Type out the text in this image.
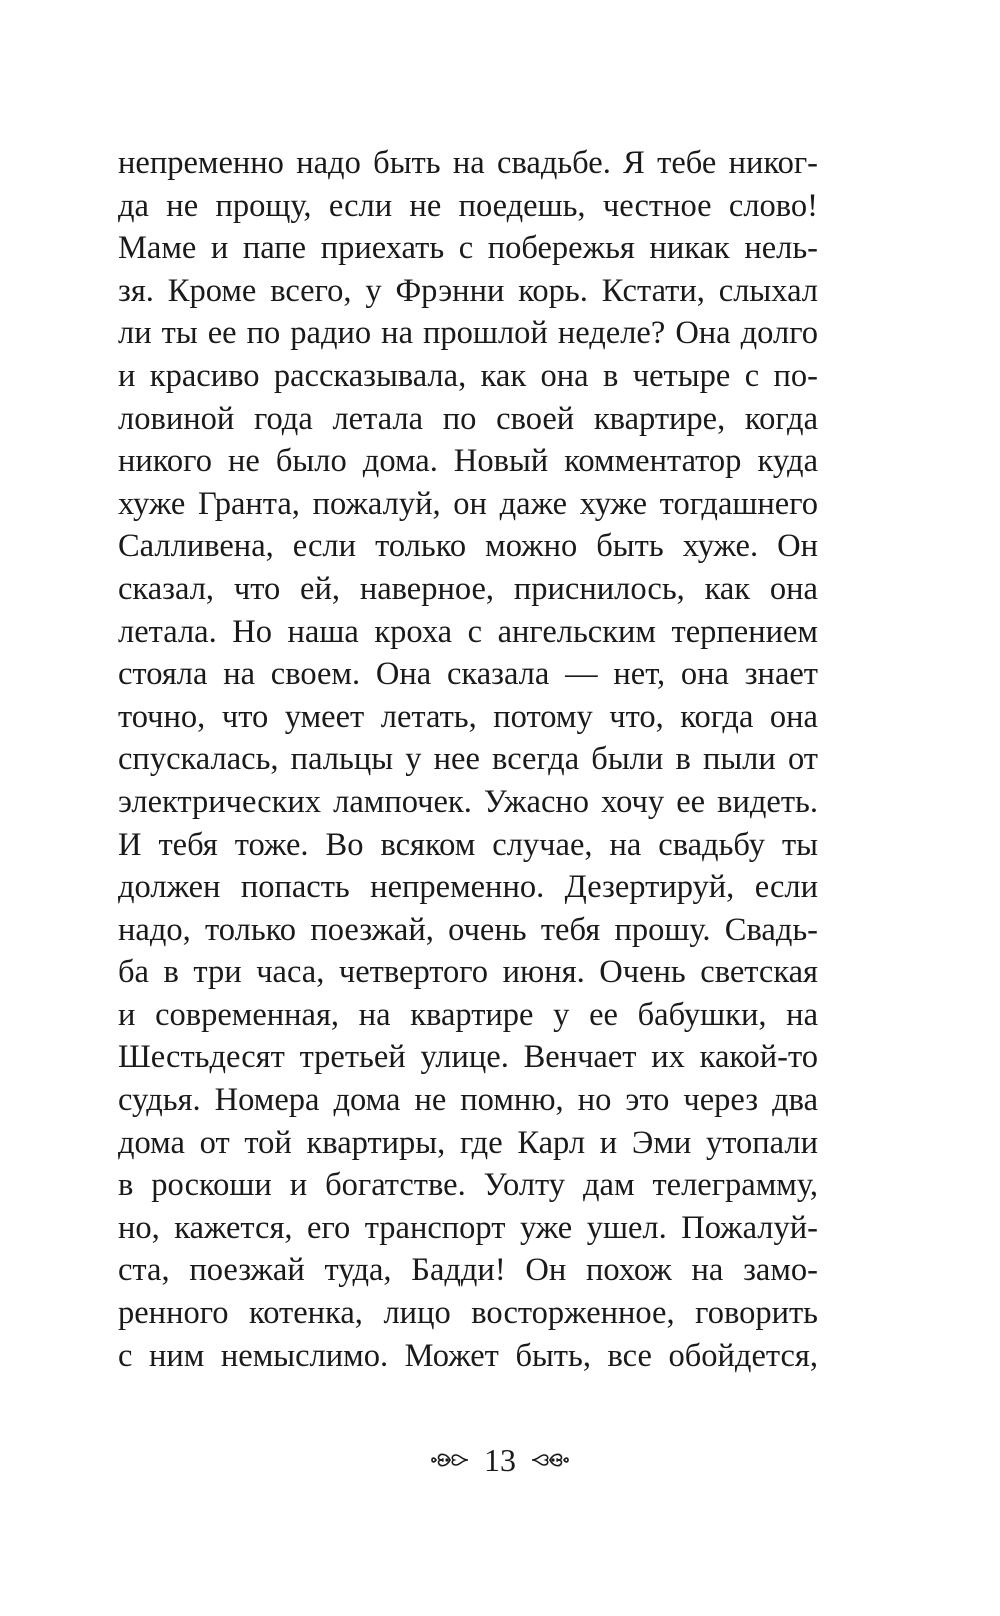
непременно надо быть на свадьбе. Я тебе никог-
да не прощу, если не поедешь, честное слово!
Маме и папе приехать с побережья никак нель-
зя. Кроме всего, у Фрэнни корь. Кстати, слыхал
ли ты ее по радио на прошлой неделе? Она долго
и красиво рассказывала, как она в четыре с по-
ловиной года летала по своей квартире, когда
никого не было дома. Новый комментатор куда
хуже Гранта, пожалуй, он даже хуже тогдашнего
Салливена, если только можно быть хуже. Он
сказал, что ей, наверное, приснилось, как она
летала. Но наша кроха с ангельским терпением
стояла на своем. Она сказала — нет, она знает
точно, что умеет летать, потому что, когда она
спускалась, пальцы у нее всегда были в пыли от
электрических лампочек. Ужасно хочу ее видеть.
И тебя тоже. Во всяком случае, на свадьбу ты
должен попасть непременно. Дезертируй, если
надо, только поезжай, очень тебя прошу. Свадь-
ба в три часа, четвертого июня. Очень светская
и современная, на квартире у ее бабушки, на
Шестьдесят третьей улице. Венчает их какой-то
судья. Номера дома не помню, но это через два
дома от той квартиры, где Карл и Эми утопали
в роскоши и богатстве. Уолту дам телеграмму,
но, кажется, его транспорт уже ушел. Пожалуй-
ста, поезжай туда, Бадди! Он похож на замо-
ренного котенка, лицо восторженное, говорить
с ним немыслимо. Может быть, все обойдется,
13
